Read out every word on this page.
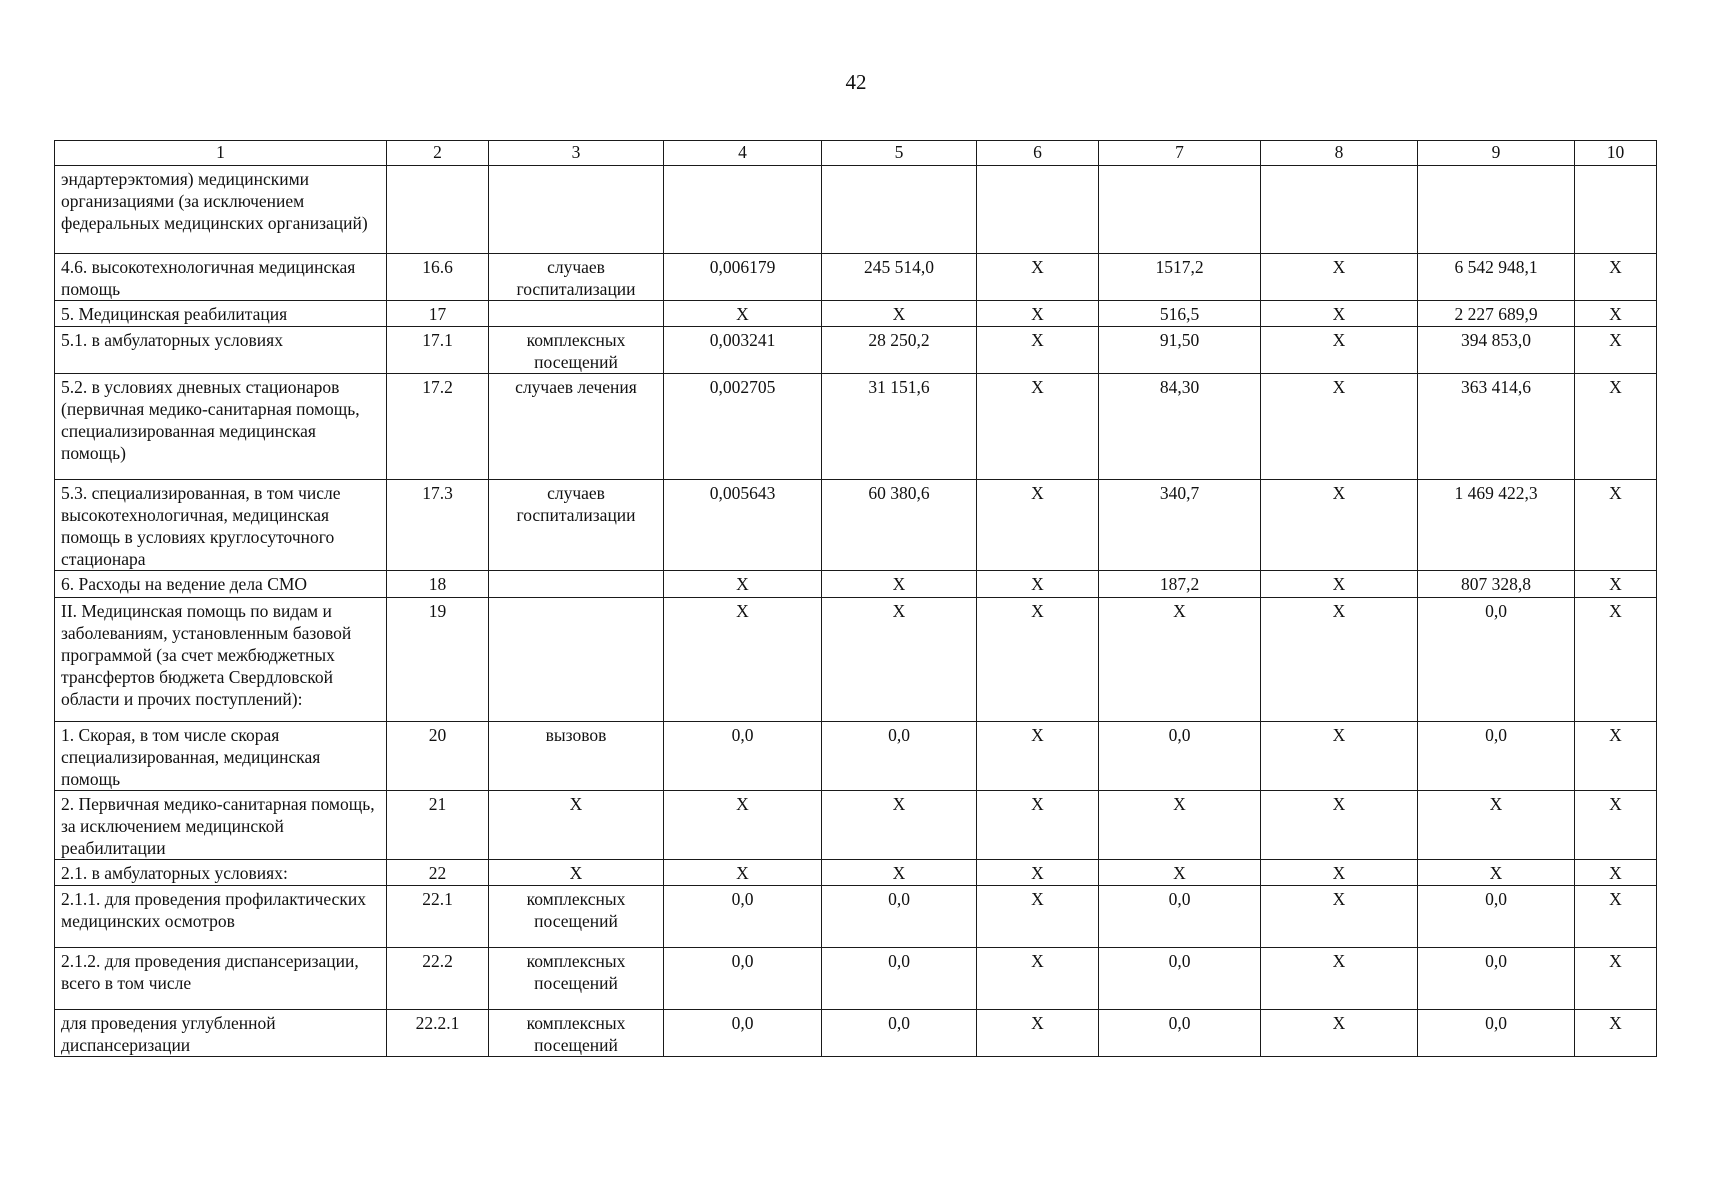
42
1	2	3	4	5	6	7	8	9	10
эндартерэктомия) медицинскими организациями (за исключением федеральных медицинских организаций)									
4.6. высокотехнологичная медицинская помощь	16.6	случаев госпитализации	0,006179	245 514,0	X	1517,2	X	6 542 948,1	X
5. Медицинская реабилитация	17		X	X	X	516,5	X	2 227 689,9	X
5.1. в амбулаторных условиях	17.1	комплексных посещений	0,003241	28 250,2	X	91,50	X	394 853,0	X
5.2. в условиях дневных стационаров (первичная медико-санитарная помощь, специализированная медицинская помощь)	17.2	случаев лечения	0,002705	31 151,6	X	84,30	X	363 414,6	X
5.3. специализированная, в том числе высокотехнологичная, медицинская помощь в условиях круглосуточного стационара	17.3	случаев госпитализации	0,005643	60 380,6	X	340,7	X	1 469 422,3	X
6. Расходы на ведение дела СМО	18		X	X	X	187,2	X	807 328,8	X
II. Медицинская помощь по видам и заболеваниям, установленным базовой программой (за счет межбюджетных трансфертов бюджета Свердловской области и прочих поступлений):	19		X	X	X	X	X	0,0	X
1. Скорая, в том числе скорая специализированная, медицинская помощь	20	вызовов	0,0	0,0	X	0,0	X	0,0	X
2. Первичная медико-санитарная помощь, за исключением медицинской реабилитации	21	X	X	X	X	X	X	X	X
2.1. в амбулаторных условиях:	22	X	X	X	X	X	X	X	X
2.1.1. для проведения профилактических медицинских осмотров	22.1	комплексных посещений	0,0	0,0	X	0,0	X	0,0	X
2.1.2. для проведения диспансеризации, всего в том числе	22.2	комплексных посещений	0,0	0,0	X	0,0	X	0,0	X
для проведения углубленной диспансеризации	22.2.1	комплексных посещений	0,0	0,0	X	0,0	X	0,0	X
